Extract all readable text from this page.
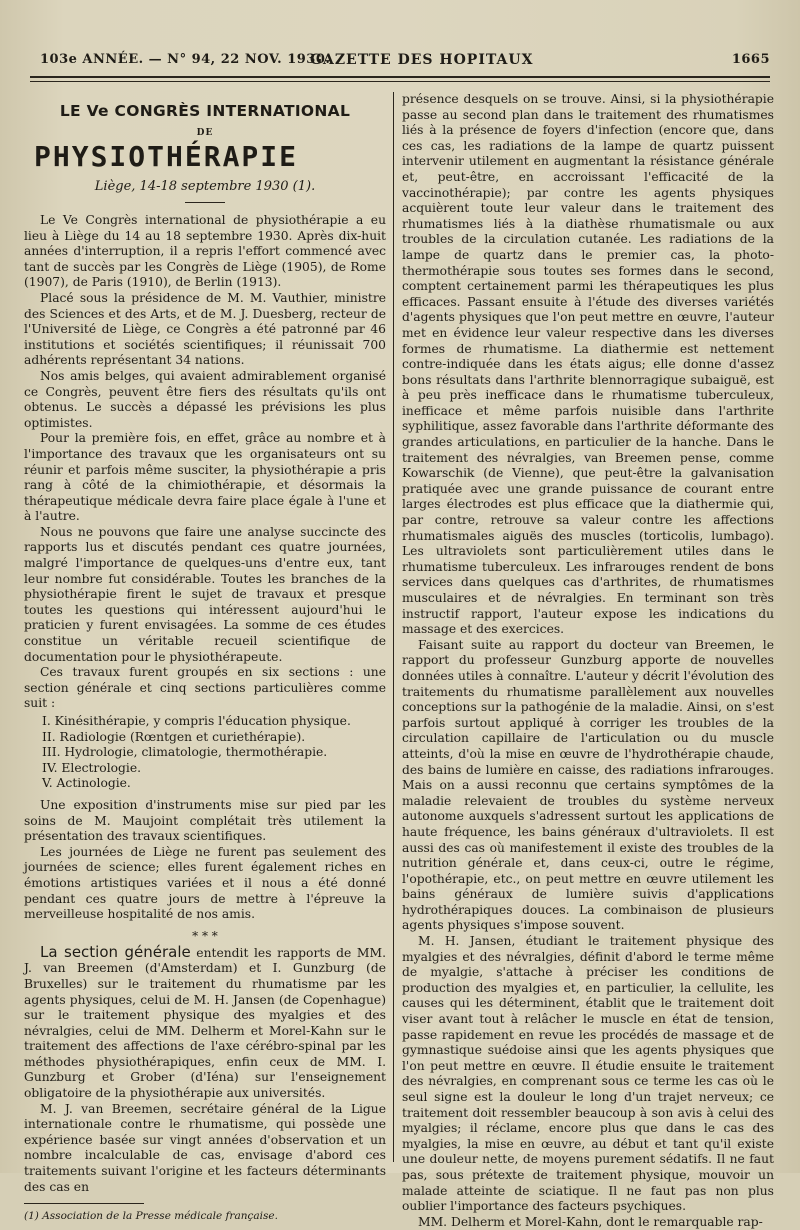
103e ANNÉE. — N° 94, 22 NOV. 1930.
GAZETTE DES HOPITAUX	1665
LE Ve CONGRÈS INTERNATIONAL
DE
PHYSIOTHÉRAPIE
Liège, 14-18 septembre 1930 (1).

Le Ve Congrès international de physiothérapie a eu lieu à Liège du 14 au 18 septembre 1930. Après dix-huit années d'interruption, il a repris l'effort commencé avec tant de succès par les Congrès de Liège (1905), de Rome (1907), de Paris (1910), de Berlin (1913).

Placé sous la présidence de M. M. Vauthier, ministre des Sciences et des Arts, et de M. J. Duesberg, recteur de l'Université de Liège, ce Congrès a été patronné par 46 institutions et sociétés scientifiques; il réunissait 700 adhérents représentant 34 nations.

Nos amis belges, qui avaient admirablement organisé ce Congrès, peuvent être fiers des résultats qu'ils ont obtenus. Le succès a dépassé les prévisions les plus optimistes.

Pour la première fois, en effet, grâce au nombre et à l'importance des travaux que les organisateurs ont su réunir et parfois même susciter, la physiothérapie a pris rang à côté de la chimiothérapie, et désormais la thérapeutique médicale devra faire place égale à l'une et à l'autre.

Nous ne pouvons que faire une analyse succincte des rapports lus et discutés pendant ces quatre journées, malgré l'importance de quelques-uns d'entre eux, tant leur nombre fut considérable. Toutes les branches de la physiothérapie firent le sujet de travaux et presque toutes les questions qui intéressent aujourd'hui le praticien y furent envisagées. La somme de ces études constitue un véritable recueil scientifique de documentation pour le physiothérapeute.

Ces travaux furent groupés en six sections : une section générale et cinq sections particulières comme suit :

I. Kinésithérapie, y compris l'éducation physique.
II. Radiologie (Rœntgen et curiethérapie).
III. Hydrologie, climatologie, thermothérapie.
IV. Electrologie.
V. Actinologie.

Une exposition d'instruments mise sur pied par les soins de M. Maujoint complétait très utilement la présentation des travaux scientifiques.

Les journées de Liège ne furent pas seulement des journées de science; elles furent également riches en émotions artistiques variées et il nous a été donné pendant ces quatre jours de mettre à l'épreuve la merveilleuse hospitalité de nos amis.

* * *

La section générale entendit les rapports de MM. J. van Breemen (d'Amsterdam) et I. Gunzburg (de Bruxelles) sur le traitement du rhumatisme par les agents physiques, celui de M. H. Jansen (de Copenhague) sur le traitement physique des myalgies et des névralgies, celui de MM. Delherm et Morel-Kahn sur le traitement des affections de l'axe cérébro-spinal par les méthodes physiothérapiques, enfin ceux de MM. I. Gunzburg et Grober (d'Iéna) sur l'enseignement obligatoire de la physiothérapie aux universités.

M. J. van Breemen, secrétaire général de la Ligue internationale contre le rhumatisme, qui possède une expérience basée sur vingt années d'observation et un nombre incalculable de cas, envisage d'abord ces traitements suivant l'origine et les facteurs déterminants des cas en

(1) Association de la Presse médicale française.

présence desquels on se trouve. Ainsi, si la physiothérapie passe au second plan dans le traitement des rhumatismes liés à la présence de foyers d'infection (encore que, dans ces cas, les radiations de la lampe de quartz puissent intervenir utilement en augmentant la résistance générale et, peut-être, en accroissant l'efficacité de la vaccinothérapie); par contre les agents physiques acquièrent toute leur valeur dans le traitement des rhumatismes liés à la diathèse rhumatismale ou aux troubles de la circulation cutanée. Les radiations de la lampe de quartz dans le premier cas, la photo-thermothérapie sous toutes ses formes dans le second, comptent certainement parmi les thérapeutiques les plus efficaces. Passant ensuite à l'étude des diverses variétés d'agents physiques que l'on peut mettre en œuvre, l'auteur met en évidence leur valeur respective dans les diverses formes de rhumatisme. La diathermie est nettement contre-indiquée dans les états aigus; elle donne d'assez bons résultats dans l'arthrite blennorragique subaiguë, est à peu près inefficace dans le rhumatisme tuberculeux, inefficace et même parfois nuisible dans l'arthrite syphilitique, assez favorable dans l'arthrite déformante des grandes articulations, en particulier de la hanche. Dans le traitement des névralgies, van Breemen pense, comme Kowarschik (de Vienne), que peut-être la galvanisation pratiquée avec une grande puissance de courant entre larges électrodes est plus efficace que la diathermie qui, par contre, retrouve sa valeur contre les affections rhumatismales aiguës des muscles (torticolis, lumbago). Les ultraviolets sont particulièrement utiles dans le rhumatisme tuberculeux. Les infrarouges rendent de bons services dans quelques cas d'arthrites, de rhumatismes musculaires et de névralgies. En terminant son très instructif rapport, l'auteur expose les indications du massage et des exercices.

Faisant suite au rapport du docteur van Breemen, le rapport du professeur Gunzburg apporte de nouvelles données utiles à connaître. L'auteur y décrit l'évolution des traitements du rhumatisme parallèlement aux nouvelles conceptions sur la pathogénie de la maladie. Ainsi, on s'est parfois surtout appliqué à corriger les troubles de la circulation capillaire de l'articulation ou du muscle atteints, d'où la mise en œuvre de l'hydrothérapie chaude, des bains de lumière en caisse, des radiations infrarouges. Mais on a aussi reconnu que certains symptômes de la maladie relevaient de troubles du système nerveux autonome auxquels s'adressent surtout les applications de haute fréquence, les bains généraux d'ultraviolets. Il est aussi des cas où manifestement il existe des troubles de la nutrition générale et, dans ceux-ci, outre le régime, l'opothérapie, etc., on peut mettre en œuvre utilement les bains généraux de lumière suivis d'applications hydrothérapiques douces. La combinaison de plusieurs agents physiques s'impose souvent.

M. H. Jansen, étudiant le traitement physique des myalgies et des névralgies, définit d'abord le terme même de myalgie, s'attache à préciser les conditions de production des myalgies et, en particulier, la cellulite, les causes qui les déterminent, établit que le traitement doit viser avant tout à relâcher le muscle en état de tension, passe rapidement en revue les procédés de massage et de gymnastique suédoise ainsi que les agents physiques que l'on peut mettre en œuvre. Il étudie ensuite le traitement des névralgies, en comprenant sous ce terme les cas où le seul signe est la douleur le long d'un trajet nerveux; ce traitement doit ressembler beaucoup à son avis à celui des myalgies; il réclame, encore plus que dans le cas des myalgies, la mise en œuvre, au début et tant qu'il existe une douleur nette, de moyens purement sédatifs. Il ne faut pas, sous prétexte de traitement physique, mouvoir un malade atteinte de sciatique. Il ne faut pas non plus oublier l'importance des facteurs psychiques.

MM. Delherm et Morel-Kahn, dont le remarquable rap-
